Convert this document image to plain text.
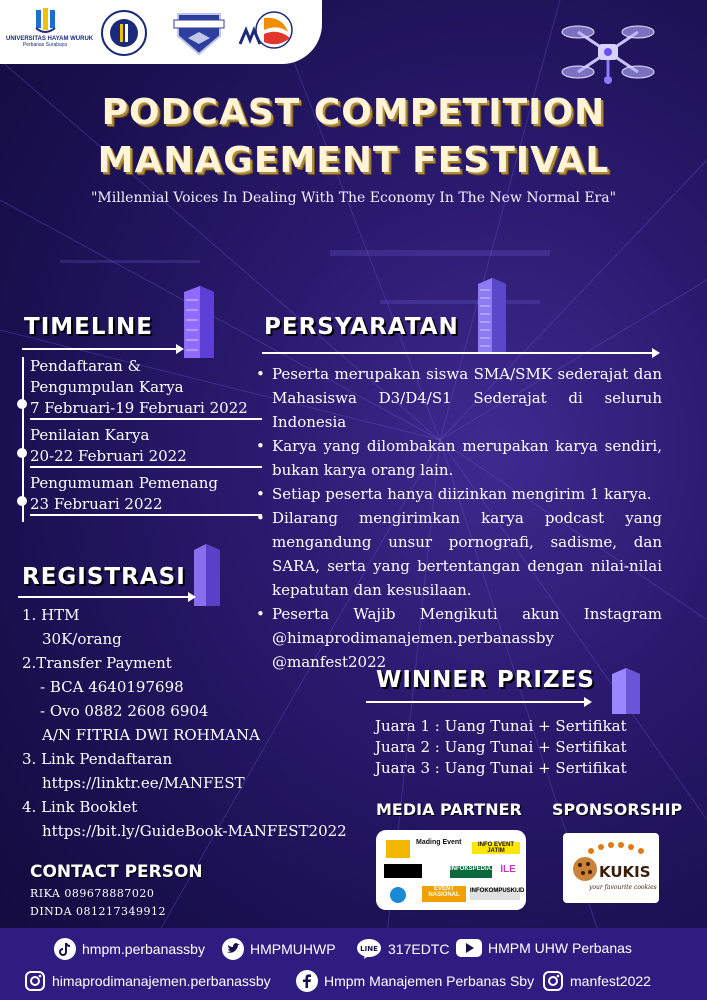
UNIVERSITAS HAYAM WURUK
Perbanas Surabaya
PODCAST COMPETITION
MANAGEMENT FESTIVAL
"Millennial Voices In Dealing With The Economy In The New Normal Era"
TIMELINE
Pendaftaran &
Pengumpulan Karya
7 Februari-19 Februari 2022
Penilaian Karya
20-22 Februari 2022
Pengumuman Pemenang
23 Februari 2022
REGISTRASI
1. HTM
30K/orang
2.Transfer Payment
- BCA 4640197698
- Ovo 0882 2608 6904
A/N FITRIA DWI ROHMANA
3. Link Pendaftaran
https://linktr.ee/MANFEST
4. Link Booklet
https://bit.ly/GuideBook-MANFEST2022
CONTACT PERSON
RIKA 089678887020
DINDA 081217349912
PERSYARATAN
• Peserta merupakan siswa SMA/SMK sederajat dan Mahasiswa D3/D4/S1 Sederajat di seluruh Indonesia
• Karya yang dilombakan merupakan karya sendiri, bukan karya orang lain.
• Setiap peserta hanya diizinkan mengirim 1 karya.
• Dilarang mengirimkan karya podcast yang mengandung unsur pornografi, sadisme, dan SARA, serta yang bertentangan dengan nilai-nilai kepatutan dan kesusilaan.
• Peserta Wajib Mengikuti akun Instagram @himaprodimanajemen.perbanassby @manfest2022
WINNER PRIZES
Juara 1 : Uang Tunai + Sertifikat
Juara 2 : Uang Tunai + Sertifikat
Juara 3 : Uang Tunai + Sertifikat
MEDIA PARTNER
Mading Event	INFO EVENT JATIM
INFOKSPEDIA.ID ILE
EVENT NASIONAL
INFOKOMPUSKI.ID
SPONSORSHIP
KUKIS
your favourite cookies
hmpm.perbanassby	HMPMUHWP	LINE 317EDTC	HMPM UHW Perbanas
himaprodimanajemen.perbanassby	Hmpm Manajemen Perbanas Sby	manfest2022
